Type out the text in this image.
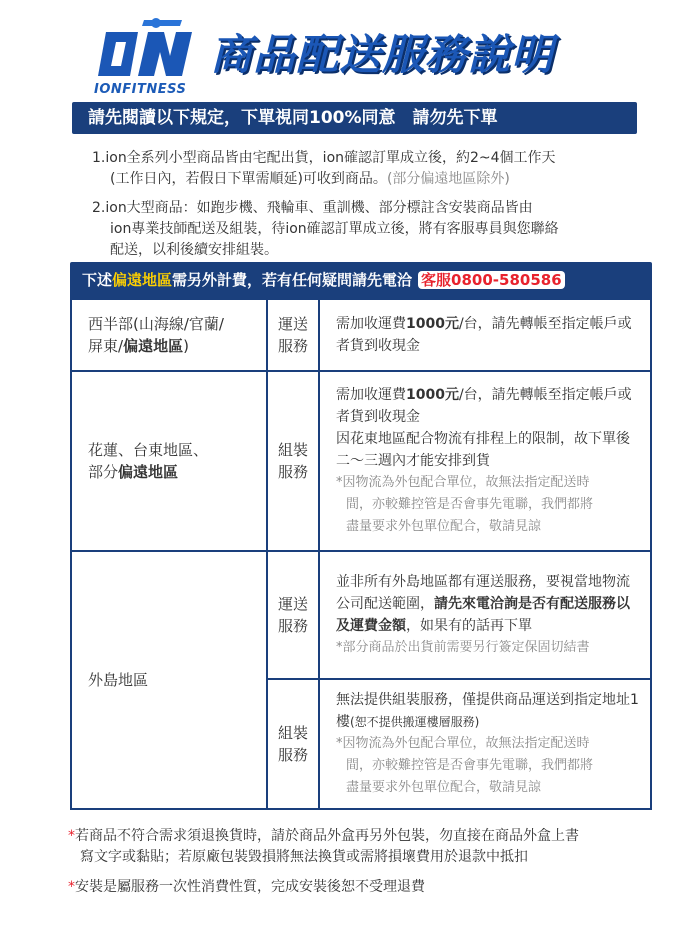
IONFITNESS
商品配送服務說明
請先閱讀以下規定，下單視同100%同意　請勿先下單
1.ion全系列小型商品皆由宅配出貨，ion確認訂單成立後，約2~4個工作天
(工作日內，若假日下單需順延)可收到商品。(部分偏遠地區除外)
2.ion大型商品：如跑步機、飛輪車、重訓機、部分標註含安裝商品皆由
ion專業技師配送及組裝，待ion確認訂單成立後，將有客服專員與您聯絡
配送，以利後續安排組裝。
下述偏遠地區需另外計費，若有任何疑問請先電洽 客服0800-580586
西半部(山海線/官蘭/
屏東/偏遠地區)	運送服務	需加收運費1000元/台，請先轉帳至指定帳戶或者貨到收現金
花蓮、台東地區、
部分偏遠地區	組裝服務	需加收運費1000元/台，請先轉帳至指定帳戶或者貨到收現金
因花東地區配合物流有排程上的限制，故下單後二～三週內才能安排到貨
*因物流為外包配合單位，故無法指定配送時
間，亦較難控管是否會事先電聯，我們都將
盡量要求外包單位配合，敬請見諒

外島地區	運送服務	並非所有外島地區都有運送服務，要視當地物流公司配送範圍，請先來電洽詢是否有配送服務以及運費金額，如果有的話再下單
*部分商品於出貨前需要另行簽定保固切結書

	組裝服務	無法提供組裝服務，僅提供商品運送到指定地址1樓(恕不提供搬運樓層服務)
*因物流為外包配合單位，故無法指定配送時
間，亦較難控管是否會事先電聯，我們都將
盡量要求外包單位配合，敬請見諒

*若商品不符合需求須退換貨時，請於商品外盒再另外包裝，勿直接在商品外盒上書
寫文字或黏貼；若原廠包裝毀損將無法換貨或需將損壞費用於退款中抵扣

*安裝是屬服務一次性消費性質，完成安裝後恕不受理退費
